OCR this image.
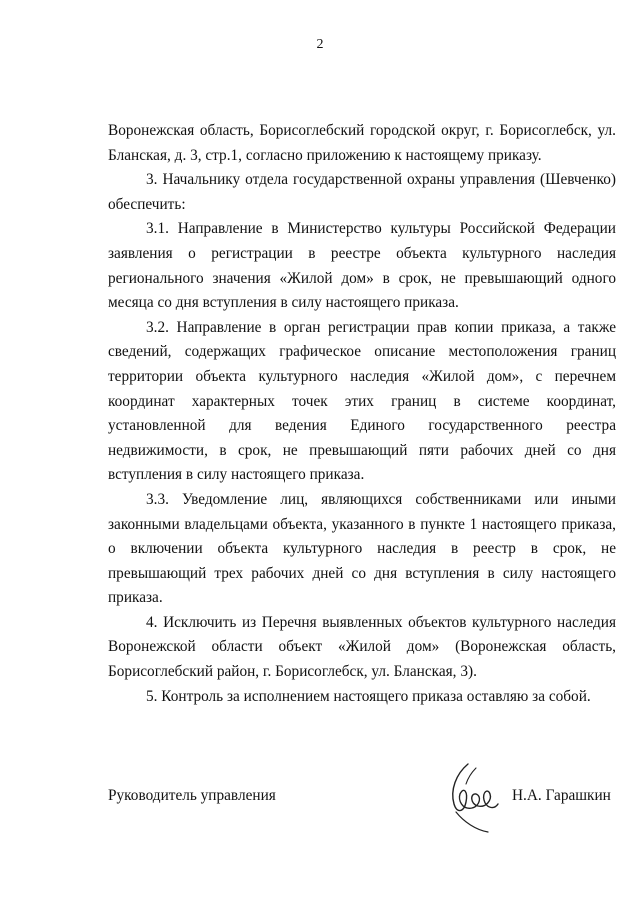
2

Воронежская область, Борисоглебский городской округ, г. Борисоглебск, ул. Бланская, д. 3, стр.1, согласно приложению к настоящему приказу.

3. Начальнику отдела государственной охраны управления (Шевченко) обеспечить:

3.1. Направление в Министерство культуры Российской Федерации заявления о регистрации в реестре объекта культурного наследия регионального значения «Жилой дом» в срок, не превышающий одного месяца со дня вступления в силу настоящего приказа.

3.2. Направление в орган регистрации прав копии приказа, а также сведений, содержащих графическое описание местоположения границ территории объекта культурного наследия «Жилой дом», с перечнем координат характерных точек этих границ в системе координат, установленной для ведения Единого государственного реестра недвижимости, в срок, не превышающий пяти рабочих дней со дня вступления в силу настоящего приказа.

3.3. Уведомление лиц, являющихся собственниками или иными законными владельцами объекта, указанного в пункте 1 настоящего приказа, о включении объекта культурного наследия в реестр в срок, не превышающий трех рабочих дней со дня вступления в силу настоящего приказа.

4. Исключить из Перечня выявленных объектов культурного наследия Воронежской области объект «Жилой дом» (Воронежская область, Борисоглебский район, г. Борисоглебск, ул. Бланская, 3).

5. Контроль за исполнением настоящего приказа оставляю за собой.

Руководитель управления	Н.А. Гарашкин
